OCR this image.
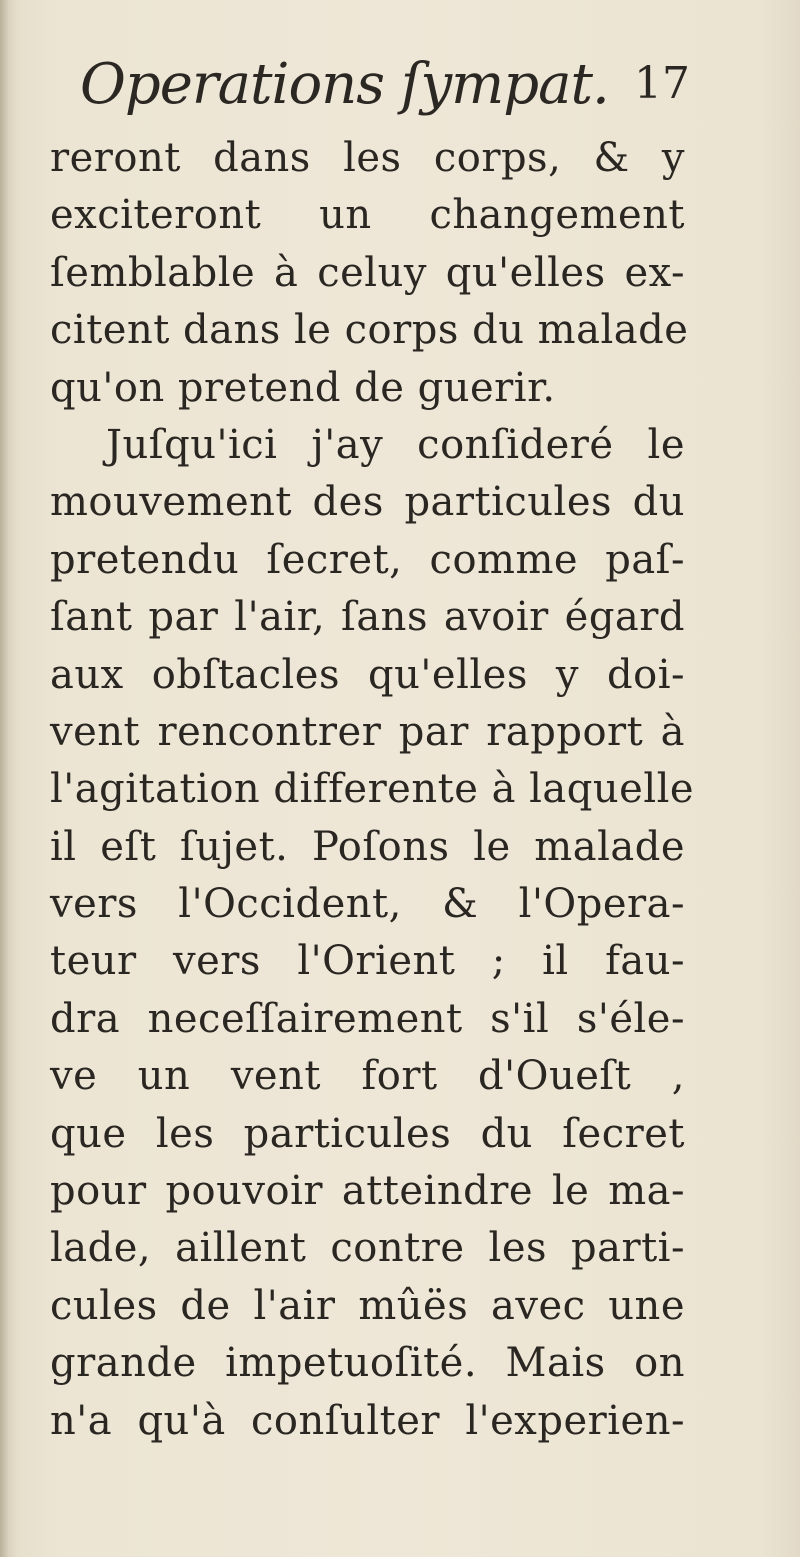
Operations ſympat. 17
reront dans les corps, & y
exciteront un changement
ſemblable à celuy qu'elles ex-
citent dans le corps du malade
qu'on pretend de guerir.
Juſqu'ici j'ay conſideré le
mouvement des particules du
pretendu ſecret, comme paſ-
ſant par l'air, ſans avoir égard
aux obſtacles qu'elles y doi-
vent rencontrer par rapport à
l'agitation differente à laquelle
il eſt ſujet. Poſons le malade
vers l'Occident, & l'Opera-
teur vers l'Orient ; il fau-
dra neceſſairement s'il s'éle-
ve un vent fort d'Oueſt ,
que les particules du ſecret
pour pouvoir atteindre le ma-
lade, aillent contre les parti-
cules de l'air mûës avec une
grande impetuoſité. Mais on
n'a qu'à conſulter l'experien-
